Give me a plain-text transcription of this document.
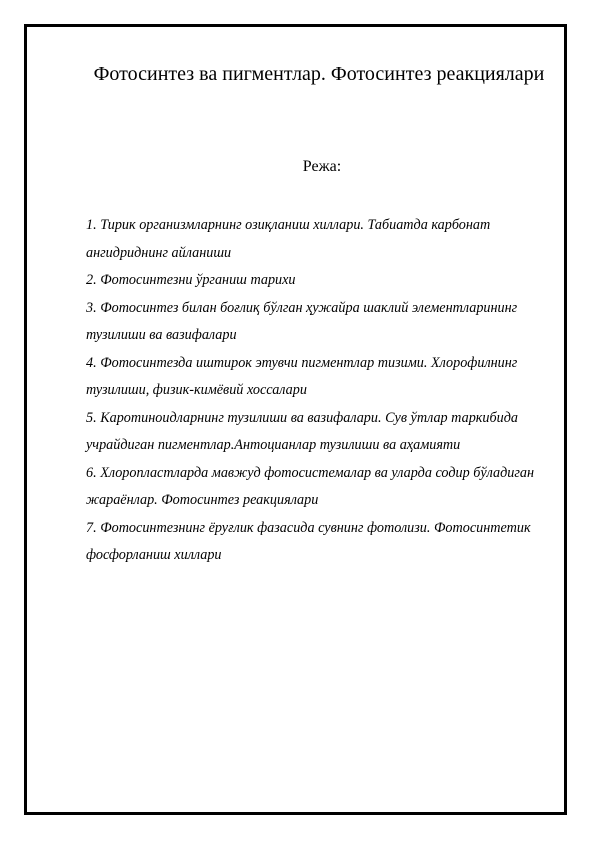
Фотосинтез ва пигментлар. Фотосинтез реакциялари
Режа:
1. Тирик организмларнинг озиқланиш хиллари. Табиатда карбонат ангидриднинг айланиши
2. Фотосинтезни ўрганиш тарихи
3. Фотосинтез билан боғлиқ бўлган ҳужайра шаклий элементларининг тузилиши ва вазифалари
4. Фотосинтезда иштирок этувчи пигментлар тизими. Хлорофилнинг тузилиши, физик-кимёвий хоссалари
5. Каротиноидларнинг тузилиши ва вазифалари. Сув ўтлар таркибида учрайдиган пигментлар.Антоцианлар тузилиши ва аҳамияти
6. Хлоропластларда мавжуд фотосистемалар ва уларда содир бўладиган жараёнлар. Фотосинтез реакциялари
7. Фотосинтезнинг ёруғлик фазасида сувнинг фотолизи. Фотосинтетик фосфорланиш хиллари
